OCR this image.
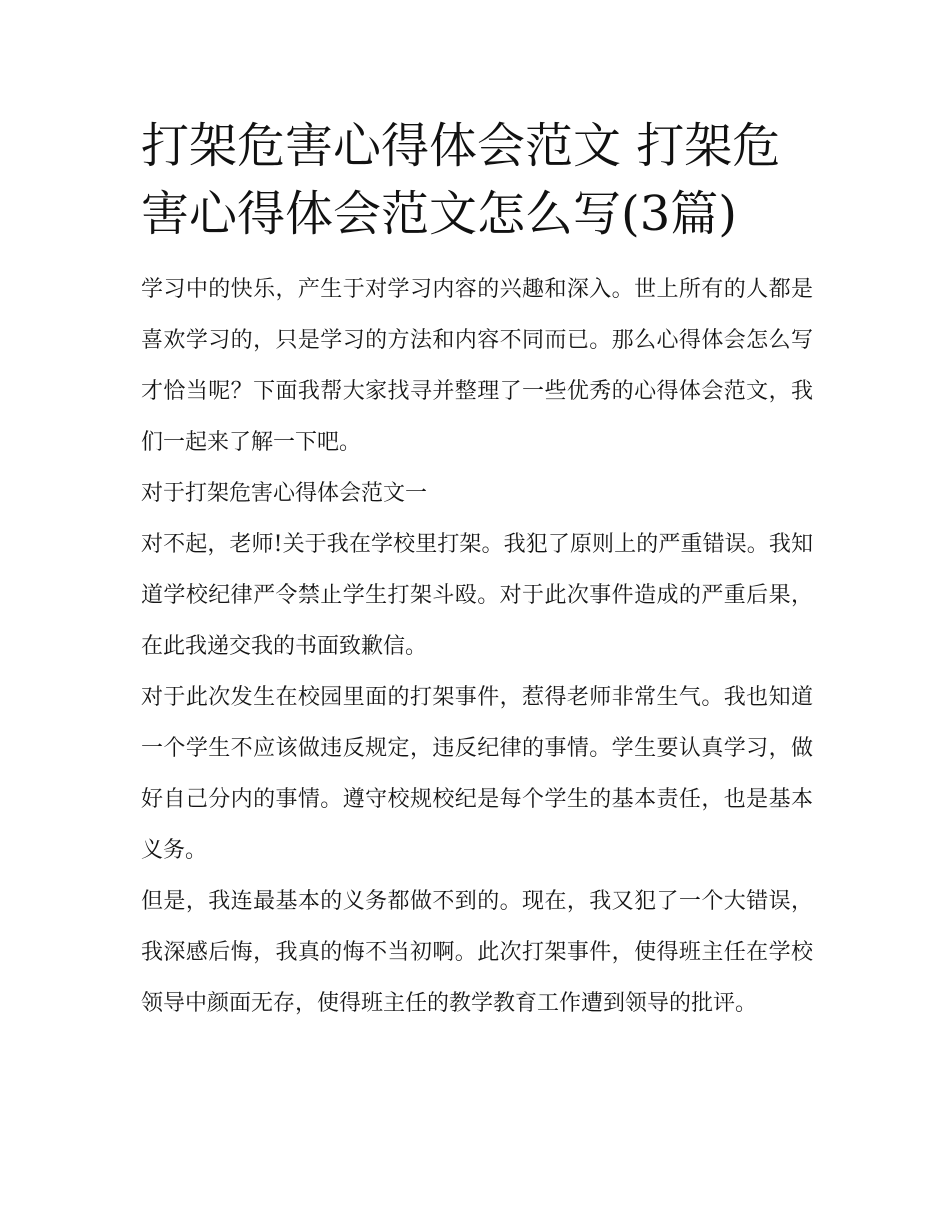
打架危害心得体会范文 打架危害心得体会范文怎么写(3篇)

学习中的快乐，产生于对学习内容的兴趣和深入。世上所有的人都是喜欢学习的，只是学习的方法和内容不同而已。那么心得体会怎么写才恰当呢？下面我帮大家找寻并整理了一些优秀的心得体会范文，我们一起来了解一下吧。

对于打架危害心得体会范文一

对不起，老师!关于我在学校里打架。我犯了原则上的严重错误。我知道学校纪律严令禁止学生打架斗殴。对于此次事件造成的严重后果，在此我递交我的书面致歉信。

对于此次发生在校园里面的打架事件，惹得老师非常生气。我也知道一个学生不应该做违反规定，违反纪律的事情。学生要认真学习，做好自己分内的事情。遵守校规校纪是每个学生的基本责任，也是基本义务。

但是，我连最基本的义务都做不到的。现在，我又犯了一个大错误，我深感后悔，我真的悔不当初啊。此次打架事件，使得班主任在学校领导中颜面无存，使得班主任的教学教育工作遭到领导的批评。
